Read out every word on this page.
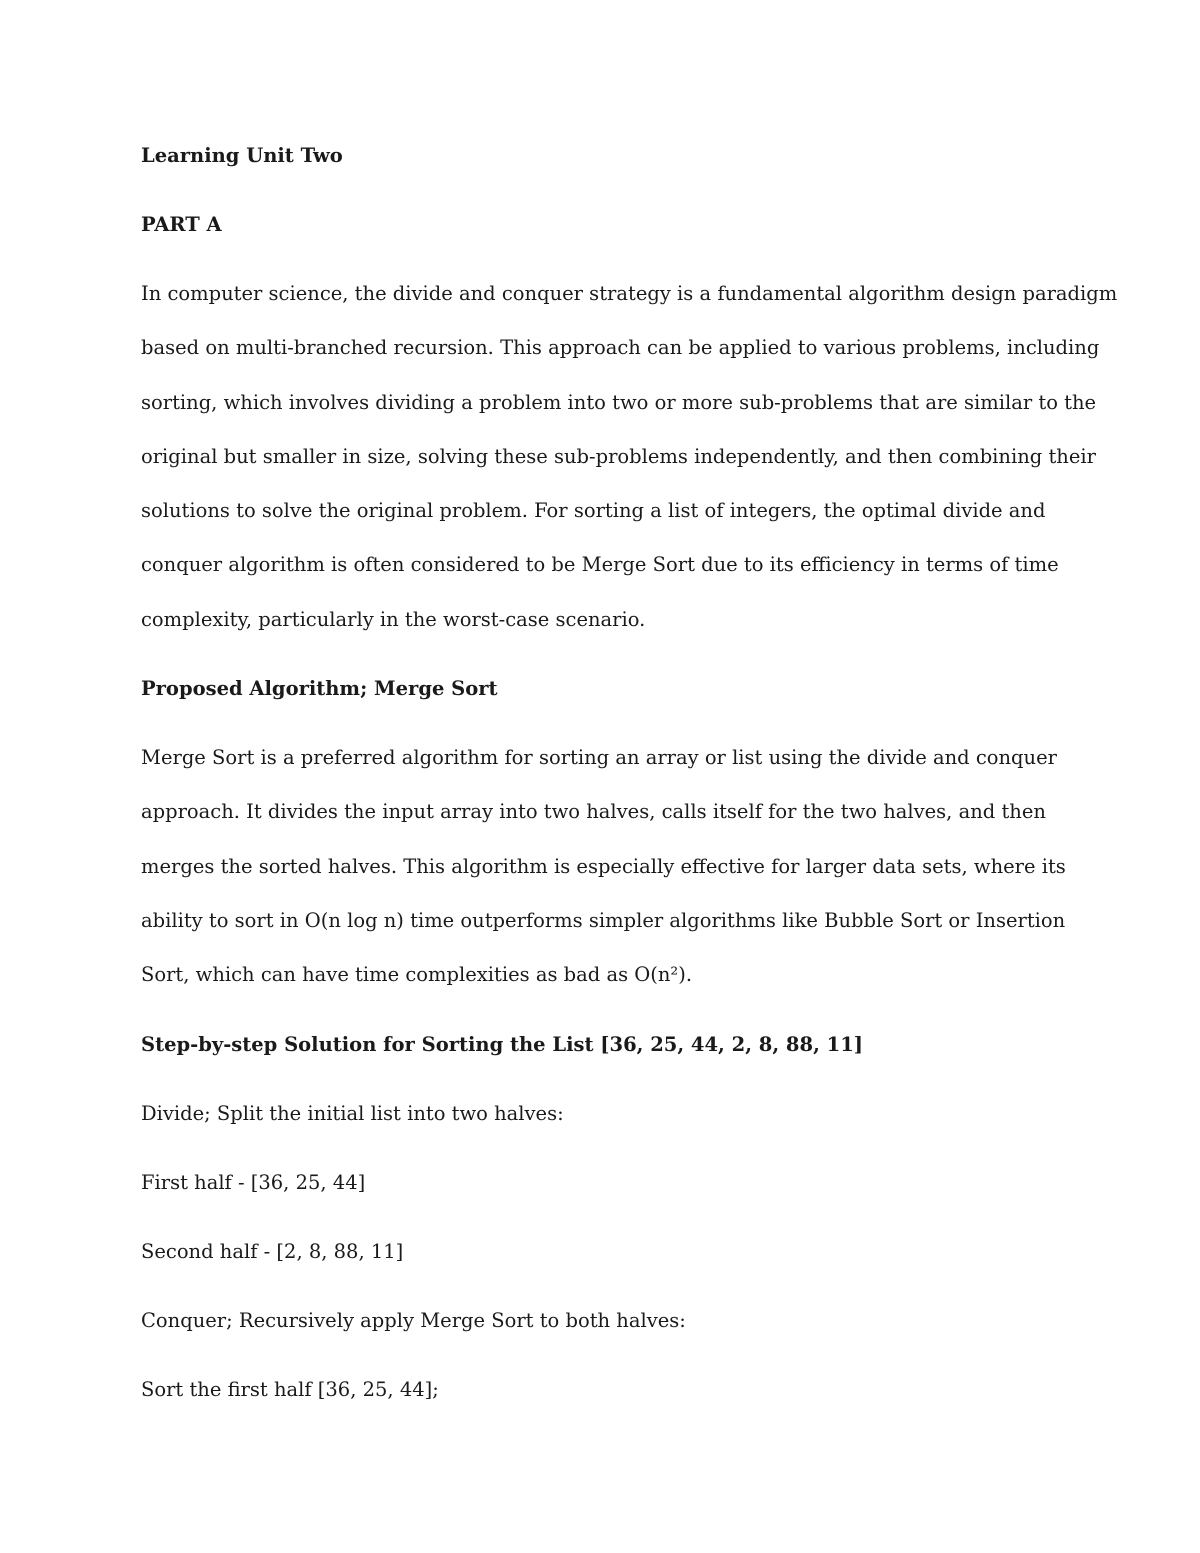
Learning Unit Two
PART A
In computer science, the divide and conquer strategy is a fundamental algorithm design paradigm
based on multi-branched recursion. This approach can be applied to various problems, including
sorting, which involves dividing a problem into two or more sub-problems that are similar to the
original but smaller in size, solving these sub-problems independently, and then combining their
solutions to solve the original problem. For sorting a list of integers, the optimal divide and
conquer algorithm is often considered to be Merge Sort due to its efficiency in terms of time
complexity, particularly in the worst-case scenario.
Proposed Algorithm; Merge Sort
Merge Sort is a preferred algorithm for sorting an array or list using the divide and conquer
approach. It divides the input array into two halves, calls itself for the two halves, and then
merges the sorted halves. This algorithm is especially effective for larger data sets, where its
ability to sort in O(n log n) time outperforms simpler algorithms like Bubble Sort or Insertion
Sort, which can have time complexities as bad as O(n²).
Step-by-step Solution for Sorting the List [36, 25, 44, 2, 8, 88, 11]
Divide; Split the initial list into two halves:
First half - [36, 25, 44]
Second half - [2, 8, 88, 11]
Conquer; Recursively apply Merge Sort to both halves:
Sort the first half [36, 25, 44];
